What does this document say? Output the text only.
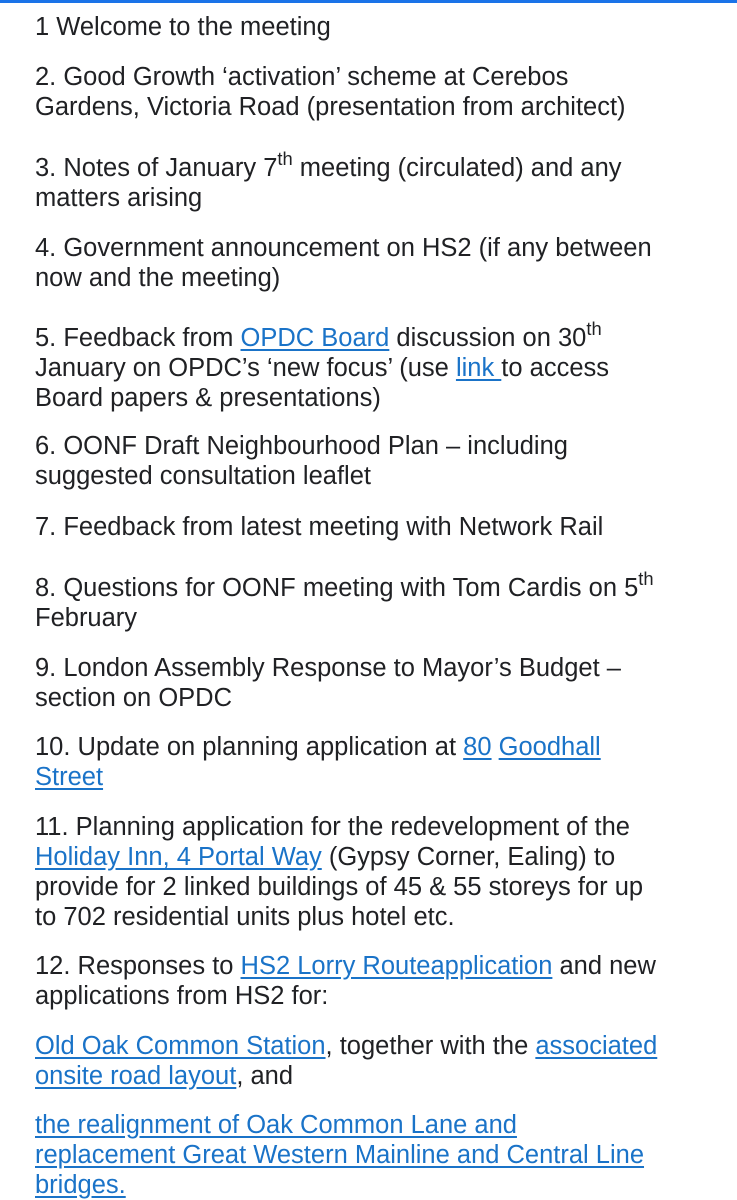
1 Welcome to the meeting

2. Good Growth ‘activation’ scheme at Cerebos
Gardens, Victoria Road (presentation from architect)

3. Notes of January 7th meeting (circulated) and any
matters arising

4. Government announcement on HS2 (if any between
now and the meeting)

5. Feedback from OPDC Board discussion on 30th
January on OPDC’s ‘new focus’ (use link to access
Board papers & presentations)

6. OONF Draft Neighbourhood Plan – including
suggested consultation leaflet

7. Feedback from latest meeting with Network Rail

8. Questions for OONF meeting with Tom Cardis on 5th
February

9. London Assembly Response to Mayor’s Budget –
section on OPDC

10. Update on planning application at 80 Goodhall
Street

11. Planning application for the redevelopment of the
Holiday Inn, 4 Portal Way (Gypsy Corner, Ealing) to
provide for 2 linked buildings of 45 & 55 storeys for up
to 702 residential units plus hotel etc.

12. Responses to HS2 Lorry Routeapplication and new
applications from HS2 for:

Old Oak Common Station, together with the associated
onsite road layout, and

the realignment of Oak Common Lane and
replacement Great Western Mainline and Central Line
bridges.
